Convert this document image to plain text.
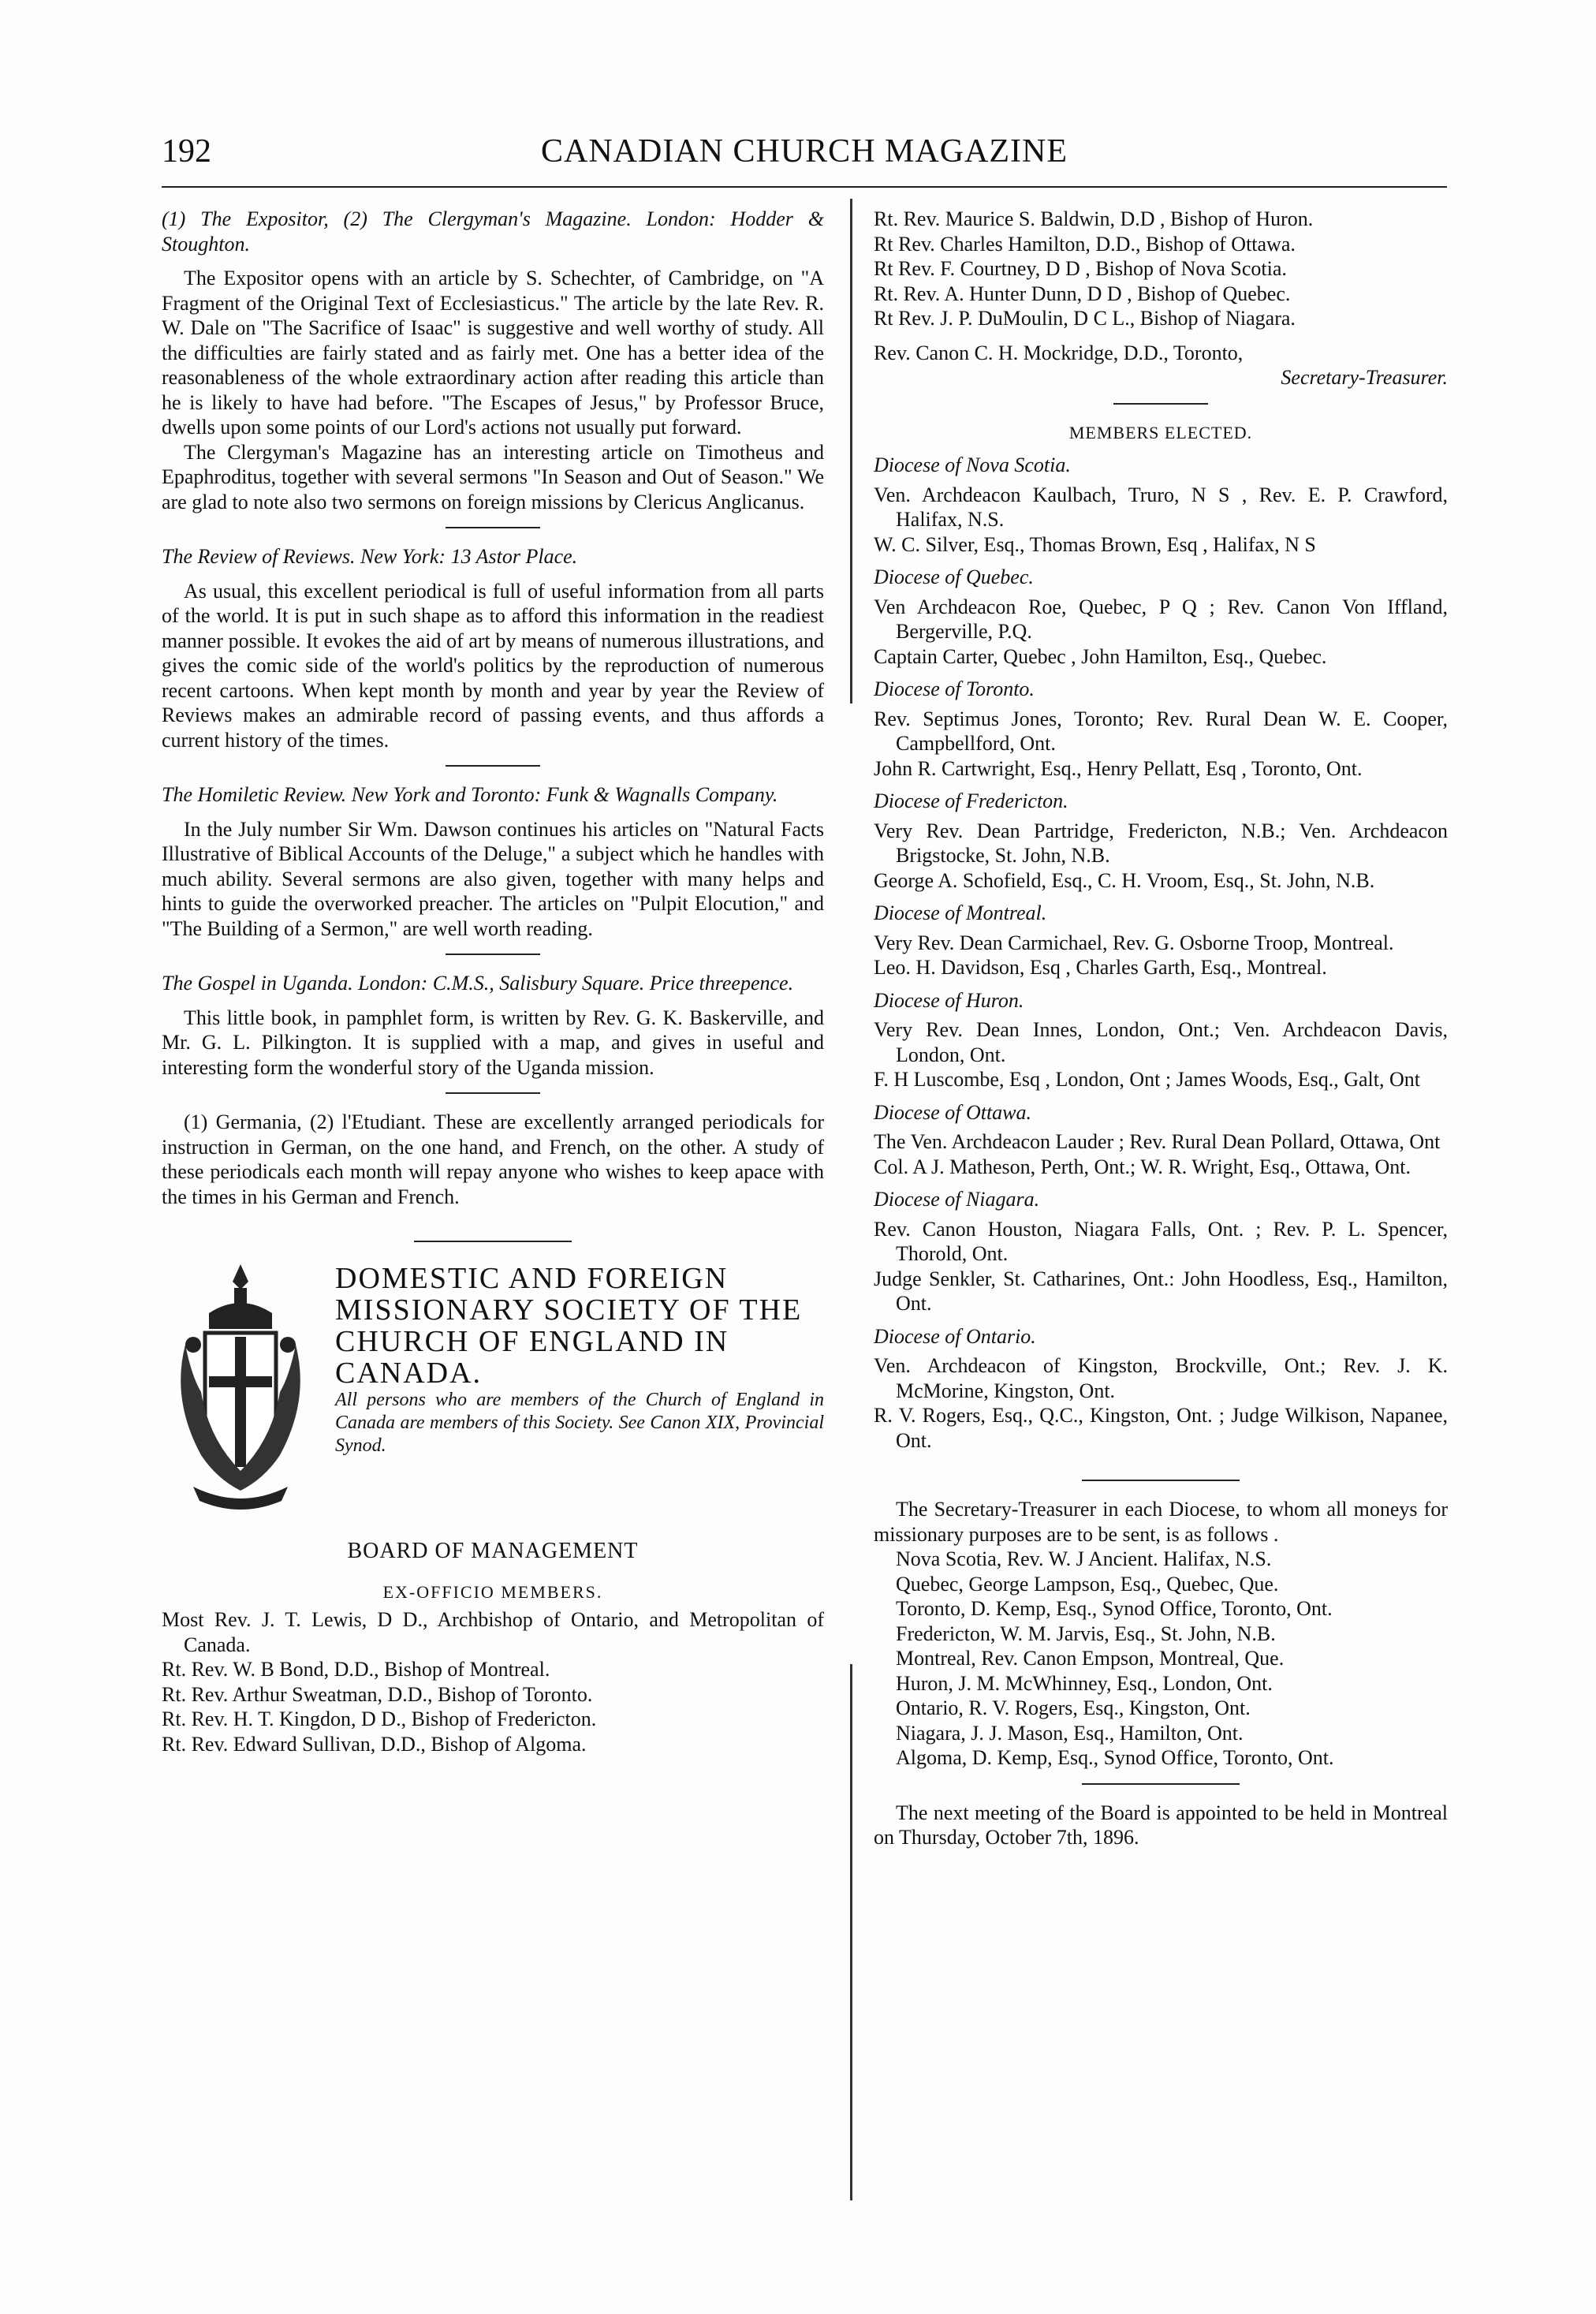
CANADIAN CHURCH MAGAZINE
192

(1) The Expositor, (2) The Clergyman's Magazine. London: Hodder & Stoughton.

The Expositor opens with an article by S. Schechter, of Cambridge, on "A Fragment of the Original Text of Ecclesiasticus." The article by the late Rev. R. W. Dale on "The Sacrifice of Isaac" is suggestive and well worthy of study. All the difficulties are fairly stated and as fairly met. One has a better idea of the reasonableness of the whole extraordinary action after reading this article than he is likely to have had before. "The Escapes of Jesus," by Professor Bruce, dwells upon some points of our Lord's actions not usually put forward.

The Clergyman's Magazine has an interesting article on Timotheus and Epaphroditus, together with several sermons "In Season and Out of Season." We are glad to note also two sermons on foreign missions by Clericus Anglicanus.

The Review of Reviews. New York: 13 Astor Place.

As usual, this excellent periodical is full of useful information from all parts of the world. It is put in such shape as to afford this information in the readiest manner possible. It evokes the aid of art by means of numerous illustrations, and gives the comic side of the world's politics by the reproduction of numerous recent cartoons. When kept month by month and year by year the Review of Reviews makes an admirable record of passing events, and thus affords a current history of the times.

The Homiletic Review. New York and Toronto: Funk & Wagnalls Company.

In the July number Sir Wm. Dawson continues his articles on "Natural Facts Illustrative of Biblical Accounts of the Deluge," a subject which he handles with much ability. Several sermons are also given, together with many helps and hints to guide the overworked preacher. The articles on "Pulpit Elocution," and "The Building of a Sermon," are well worth reading.

The Gospel in Uganda. London: C.M.S., Salisbury Square. Price threepence.

This little book, in pamphlet form, is written by Rev. G. K. Baskerville, and Mr. G. L. Pilkington. It is supplied with a map, and gives in useful and interesting form the wonderful story of the Uganda mission.

(1) Germania, (2) l'Etudiant. These are excellently arranged periodicals for instruction in German, on the one hand, and French, on the other. A study of these periodicals each month will repay anyone who wishes to keep apace with the times in his German and French.

DOMESTIC AND FOREIGN MISSIONARY SOCIETY OF THE CHURCH OF ENGLAND IN CANADA.

All persons who are members of the Church of England in Canada are members of this Society. See Canon XIX, Provincial Synod.

BOARD OF MANAGEMENT
EX-OFFICIO MEMBERS.

Most Rev. J. T. Lewis, D D., Archbishop of Ontario, and Metropolitan of Canada.

Rt. Rev. W. B Bond, D.D., Bishop of Montreal.

Rt. Rev. Arthur Sweatman, D.D., Bishop of Toronto.

Rt. Rev. H. T. Kingdon, D D., Bishop of Fredericton.

Rt. Rev. Edward Sullivan, D.D., Bishop of Algoma.

Rt. Rev. Maurice S. Baldwin, D.D , Bishop of Huron.

Rt Rev. Charles Hamilton, D.D., Bishop of Ottawa.

Rt Rev. F. Courtney, D D , Bishop of Nova Scotia.

Rt. Rev. A. Hunter Dunn, D D , Bishop of Quebec.

Rt Rev. J. P. DuMoulin, D C L., Bishop of Niagara.

Rev. Canon C. H. Mockridge, D.D., Toronto,

Secretary-Treasurer.

MEMBERS ELECTED.

Diocese of Nova Scotia.

Ven. Archdeacon Kaulbach, Truro, N S , Rev. E. P. Crawford, Halifax, N.S.

W. C. Silver, Esq., Thomas Brown, Esq , Halifax, N S

Diocese of Quebec.

Ven Archdeacon Roe, Quebec, P Q ; Rev. Canon Von Iffland, Bergerville, P.Q.

Captain Carter, Quebec , John Hamilton, Esq., Quebec.

Diocese of Toronto.

Rev. Septimus Jones, Toronto; Rev. Rural Dean W. E. Cooper, Campbellford, Ont.

John R. Cartwright, Esq., Henry Pellatt, Esq , Toronto, Ont.

Diocese of Fredericton.

Very Rev. Dean Partridge, Fredericton, N.B.; Ven. Archdeacon Brigstocke, St. John, N.B.

George A. Schofield, Esq., C. H. Vroom, Esq., St. John, N.B.

Diocese of Montreal.

Very Rev. Dean Carmichael, Rev. G. Osborne Troop, Montreal.

Leo. H. Davidson, Esq , Charles Garth, Esq., Montreal.

Diocese of Huron.

Very Rev. Dean Innes, London, Ont.; Ven. Archdeacon Davis, London, Ont.

F. H Luscombe, Esq , London, Ont ; James Woods, Esq., Galt, Ont

Diocese of Ottawa.

The Ven. Archdeacon Lauder ; Rev. Rural Dean Pollard, Ottawa, Ont

Col. A J. Matheson, Perth, Ont.; W. R. Wright, Esq., Ottawa, Ont.

Diocese of Niagara.

Rev. Canon Houston, Niagara Falls, Ont. ; Rev. P. L. Spencer, Thorold, Ont.

Judge Senkler, St. Catharines, Ont.: John Hoodless, Esq., Hamilton, Ont.

Diocese of Ontario.

Ven. Archdeacon of Kingston, Brockville, Ont.; Rev. J. K. McMorine, Kingston, Ont.

R. V. Rogers, Esq., Q.C., Kingston, Ont. ; Judge Wilkison, Napanee, Ont.

The Secretary-Treasurer in each Diocese, to whom all moneys for missionary purposes are to be sent, is as follows .

Nova Scotia, Rev. W. J Ancient. Halifax, N.S.

Quebec, George Lampson, Esq., Quebec, Que.

Toronto, D. Kemp, Esq., Synod Office, Toronto, Ont.

Fredericton, W. M. Jarvis, Esq., St. John, N.B.

Montreal, Rev. Canon Empson, Montreal, Que.

Huron, J. M. McWhinney, Esq., London, Ont.

Ontario, R. V. Rogers, Esq., Kingston, Ont.

Niagara, J. J. Mason, Esq., Hamilton, Ont.

Algoma, D. Kemp, Esq., Synod Office, Toronto, Ont.

The next meeting of the Board is appointed to be held in Montreal on Thursday, October 7th, 1896.
